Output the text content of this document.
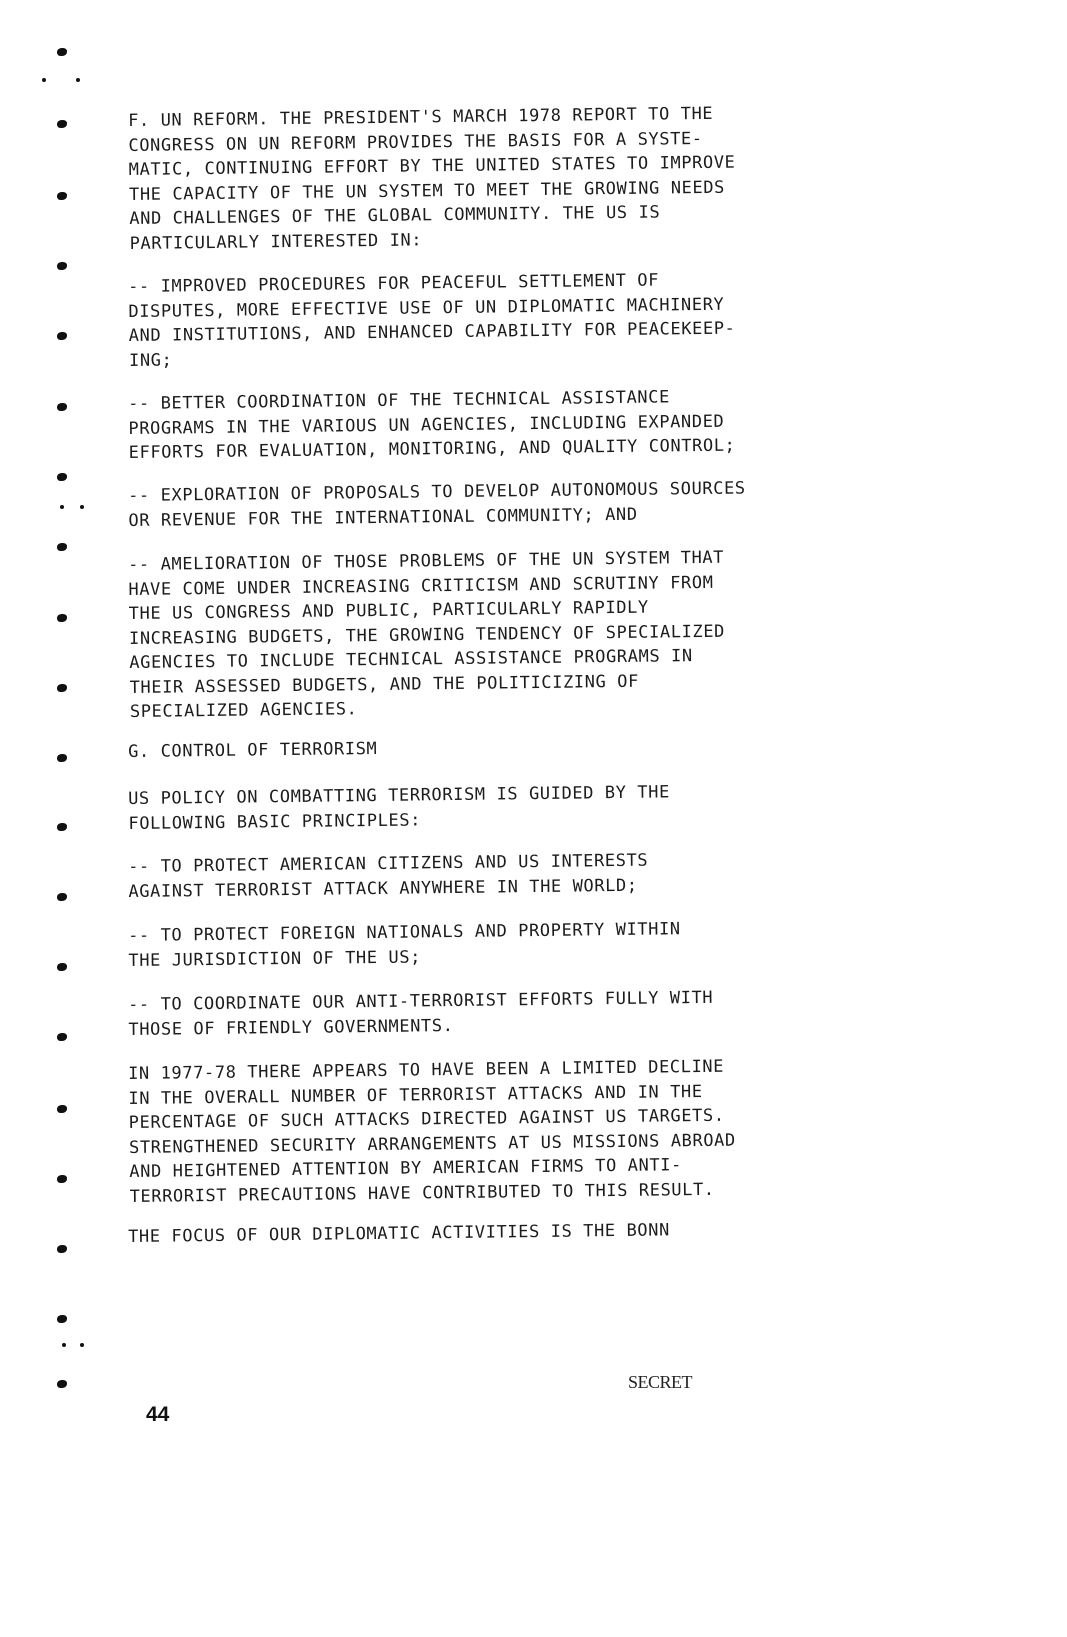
F. UN REFORM. THE PRESIDENT'S MARCH 1978 REPORT TO THE
CONGRESS ON UN REFORM PROVIDES THE BASIS FOR A SYSTE-
MATIC, CONTINUING EFFORT BY THE UNITED STATES TO IMPROVE
THE CAPACITY OF THE UN SYSTEM TO MEET THE GROWING NEEDS
AND CHALLENGES OF THE GLOBAL COMMUNITY. THE US IS
PARTICULARLY INTERESTED IN:
-- IMPROVED PROCEDURES FOR PEACEFUL SETTLEMENT OF
DISPUTES, MORE EFFECTIVE USE OF UN DIPLOMATIC MACHINERY
AND INSTITUTIONS, AND ENHANCED CAPABILITY FOR PEACEKEEP-
ING;
-- BETTER COORDINATION OF THE TECHNICAL ASSISTANCE
PROGRAMS IN THE VARIOUS UN AGENCIES, INCLUDING EXPANDED
EFFORTS FOR EVALUATION, MONITORING, AND QUALITY CONTROL;
-- EXPLORATION OF PROPOSALS TO DEVELOP AUTONOMOUS SOURCES
OR REVENUE FOR THE INTERNATIONAL COMMUNITY; AND
-- AMELIORATION OF THOSE PROBLEMS OF THE UN SYSTEM THAT
HAVE COME UNDER INCREASING CRITICISM AND SCRUTINY FROM
THE US CONGRESS AND PUBLIC, PARTICULARLY RAPIDLY
INCREASING BUDGETS, THE GROWING TENDENCY OF SPECIALIZED
AGENCIES TO INCLUDE TECHNICAL ASSISTANCE PROGRAMS IN
THEIR ASSESSED BUDGETS, AND THE POLITICIZING OF
SPECIALIZED AGENCIES.
G. CONTROL OF TERRORISM
US POLICY ON COMBATTING TERRORISM IS GUIDED BY THE
FOLLOWING BASIC PRINCIPLES:
-- TO PROTECT AMERICAN CITIZENS AND US INTERESTS
AGAINST TERRORIST ATTACK ANYWHERE IN THE WORLD;
-- TO PROTECT FOREIGN NATIONALS AND PROPERTY WITHIN
THE JURISDICTION OF THE US;
-- TO COORDINATE OUR ANTI-TERRORIST EFFORTS FULLY WITH
THOSE OF FRIENDLY GOVERNMENTS.
IN 1977-78 THERE APPEARS TO HAVE BEEN A LIMITED DECLINE
IN THE OVERALL NUMBER OF TERRORIST ATTACKS AND IN THE
PERCENTAGE OF SUCH ATTACKS DIRECTED AGAINST US TARGETS.
STRENGTHENED SECURITY ARRANGEMENTS AT US MISSIONS ABROAD
AND HEIGHTENED ATTENTION BY AMERICAN FIRMS TO ANTI-
TERRORIST PRECAUTIONS HAVE CONTRIBUTED TO THIS RESULT.
THE FOCUS OF OUR DIPLOMATIC ACTIVITIES IS THE BONN
SECRET
44
